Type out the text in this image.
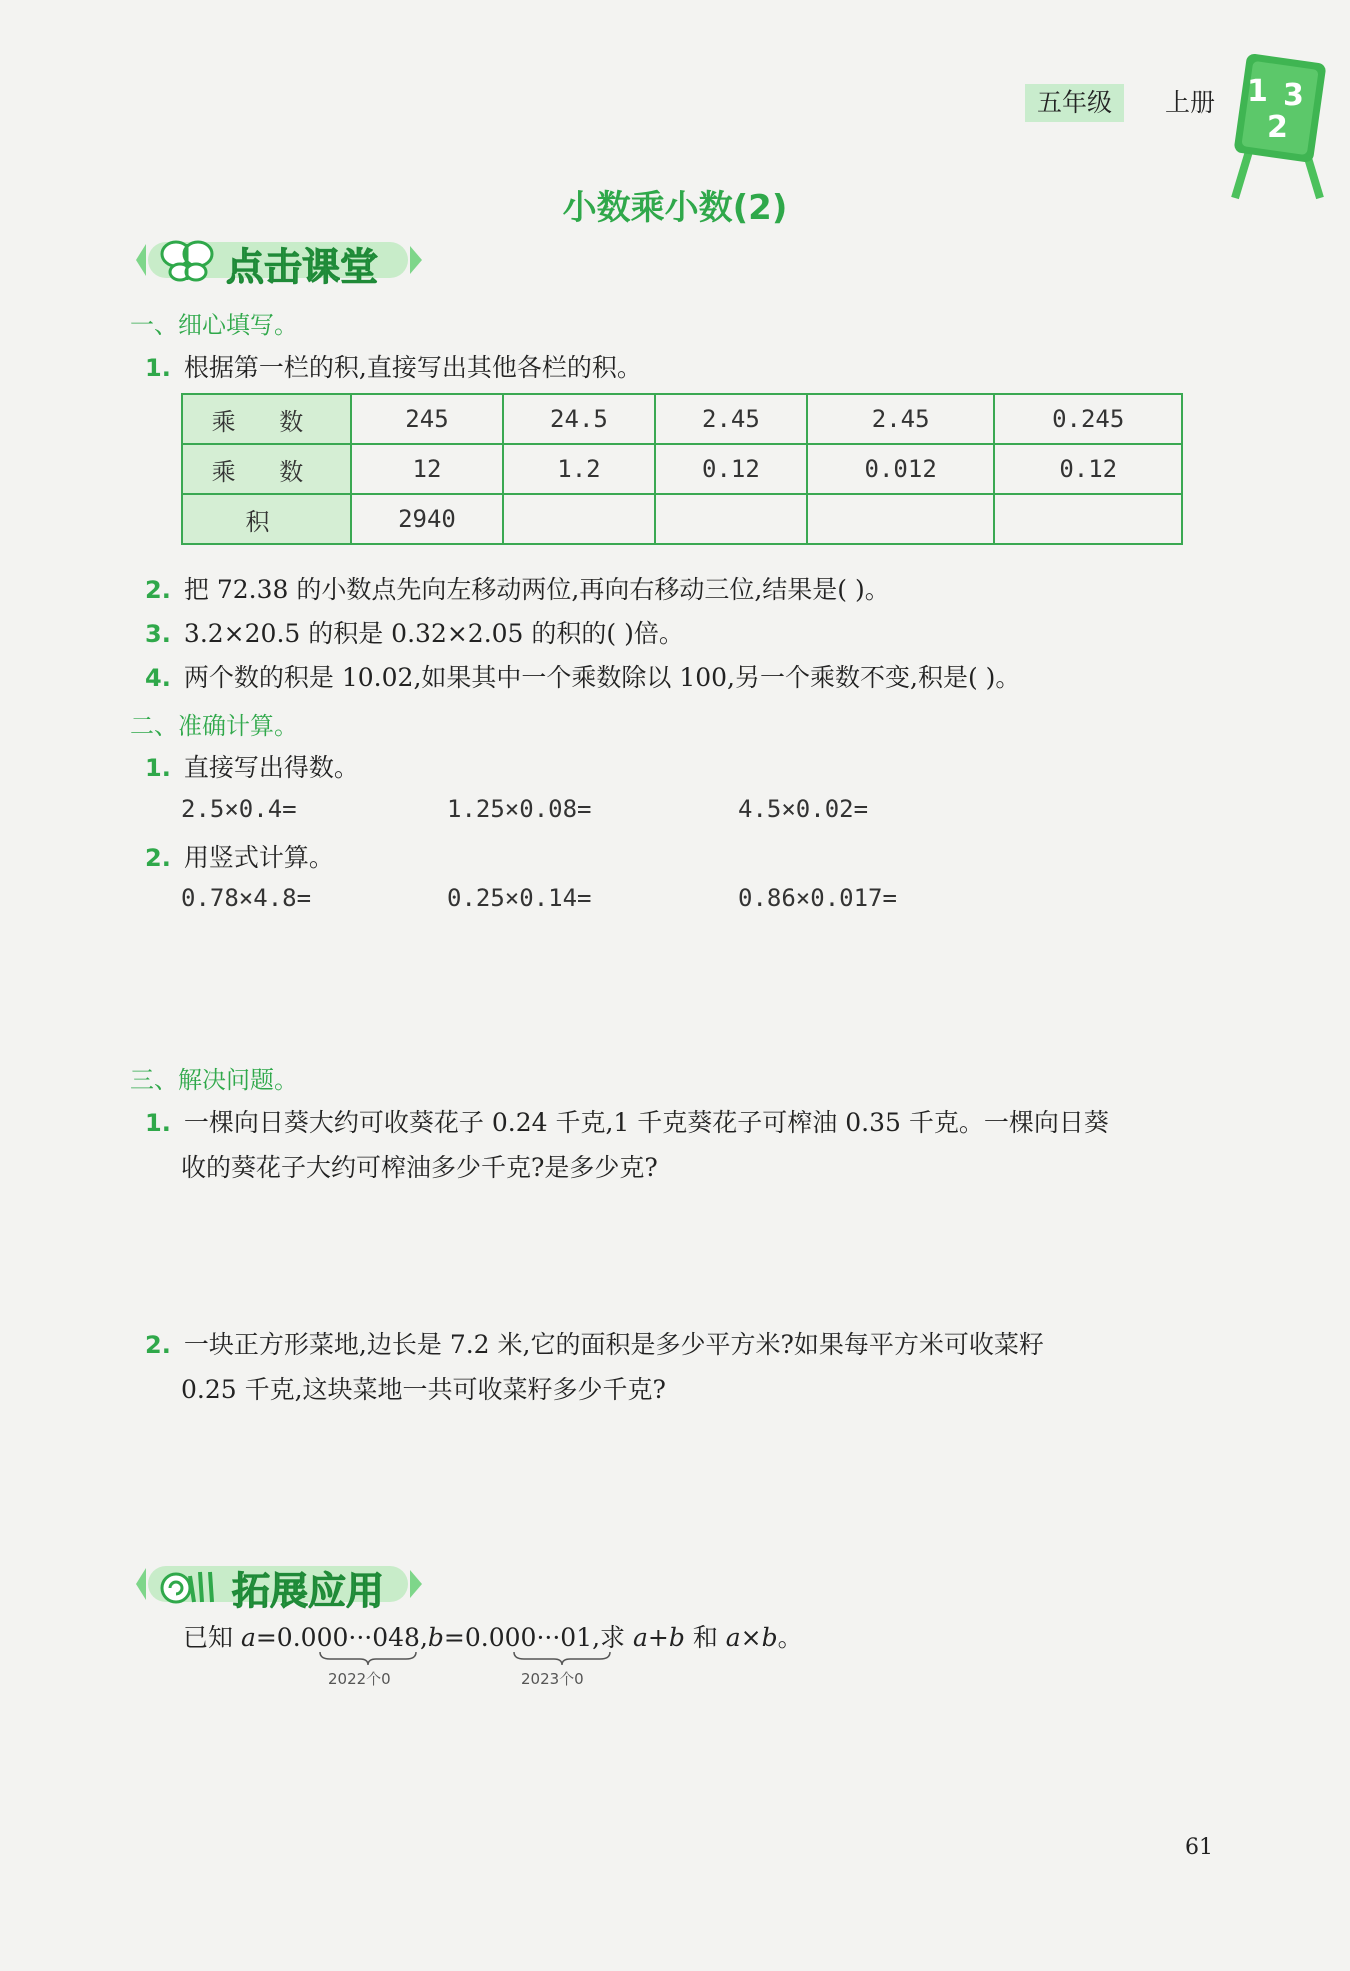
五年级	上册 1 3
2
小数乘小数(2)
点击课堂
一、细心填写。
1. 根据第一栏的积,直接写出其他各栏的积。
乘 数	245	24.5	2.45	2.45	0.245
乘 数	12	1.2	0.12	0.012	0.12
积	2940				
2. 把 72.38 的小数点先向左移动两位,再向右移动三位,结果是( )。
3. 3.2×20.5 的积是 0.32×2.05 的积的( )倍。
4. 两个数的积是 10.02,如果其中一个乘数除以 100,另一个乘数不变,积是( )。
二、准确计算。
1. 直接写出得数。
2.5×0.4=	1.25×0.08=	4.5×0.02=
2. 用竖式计算。
0.78×4.8=	0.25×0.14=	0.86×0.017=
三、解决问题。
1. 一棵向日葵大约可收葵花子 0.24 千克,1 千克葵花子可榨油 0.35 千克。一棵向日葵
收的葵花子大约可榨油多少千克?是多少克?
2. 一块正方形菜地,边长是 7.2 米,它的面积是多少平方米?如果每平方米可收菜籽
0.25 千克,这块菜地一共可收菜籽多少千克?
拓展应用
已知 a=0.000···048,b=0.000···01,求 a+b 和 a×b。
2022个0	2023个0
61
